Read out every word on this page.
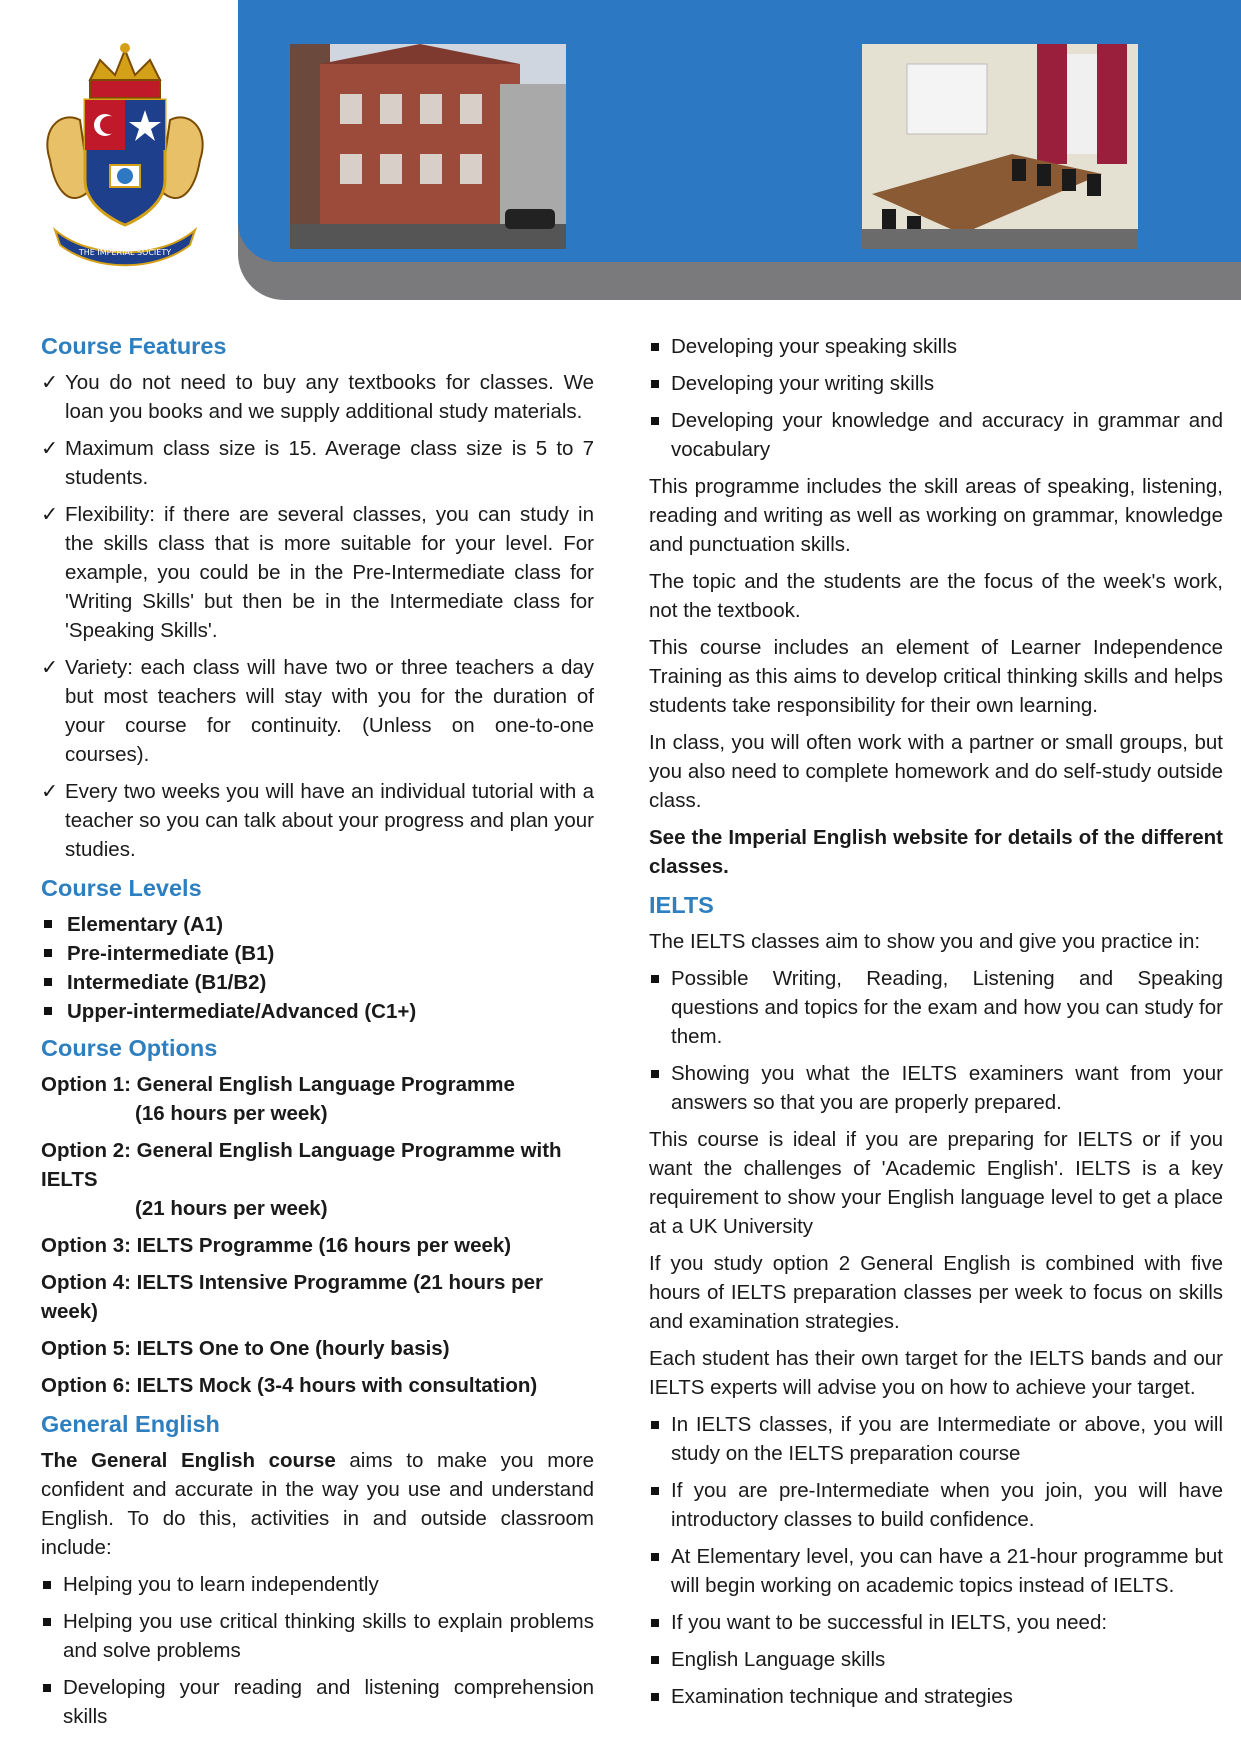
THE IMPERIAL SOCIETY
Course Features
✓ You do not need to buy any textbooks for classes. We loan you books and we supply additional study materials.
✓ Maximum class size is 15. Average class size is 5 to 7 students.
✓ Flexibility: if there are several classes, you can study in the skills class that is more suitable for your level. For example, you could be in the Pre-Intermediate class for 'Writing Skills' but then be in the Intermediate class for 'Speaking Skills'.
✓ Variety: each class will have two or three teachers a day but most teachers will stay with you for the duration of your course for continuity. (Unless on one-to-one courses).
✓ Every two weeks you will have an individual tutorial with a teacher so you can talk about your progress and plan your studies.
Course Levels
Elementary (A1)
Pre-intermediate (B1)
Intermediate (B1/B2)
Upper-intermediate/Advanced (C1+)
Course Options
Option 1: General English Language Programme
(16 hours per week)
Option 2: General English Language Programme with IELTS
(21 hours per week)
Option 3: IELTS Programme (16 hours per week)
Option 4: IELTS Intensive Programme (21 hours per week)
Option 5: IELTS One to One (hourly basis)
Option 6: IELTS Mock (3-4 hours with consultation)
General English

The General English course aims to make you more confident and accurate in the way you use and understand English. To do this, activities in and outside classroom include:

Helping you to learn independently
Helping you use critical thinking skills to explain problems and solve problems
Developing your reading and listening comprehension skills
Developing your speaking skills
Developing your writing skills
Developing your knowledge and accuracy in grammar and vocabulary

This programme includes the skill areas of speaking, listening, reading and writing as well as working on grammar, knowledge and punctuation skills.

The topic and the students are the focus of the week's work, not the textbook.

This course includes an element of Learner Independence Training as this aims to develop critical thinking skills and helps students take responsibility for their own learning.

In class, you will often work with a partner or small groups, but you also need to complete homework and do self-study outside class.

See the Imperial English website for details of the different classes.

IELTS

The IELTS classes aim to show you and give you practice in:

Possible Writing, Reading, Listening and Speaking questions and topics for the exam and how you can study for them.
Showing you what the IELTS examiners want from your answers so that you are properly prepared.

This course is ideal if you are preparing for IELTS or if you want the challenges of 'Academic English'. IELTS is a key requirement to show your English language level to get a place at a UK University

If you study option 2 General English is combined with five hours of IELTS preparation classes per week to focus on skills and examination strategies.

Each student has their own target for the IELTS bands and our IELTS experts will advise you on how to achieve your target.

In IELTS classes, if you are Intermediate or above, you will study on the IELTS preparation course
If you are pre-Intermediate when you join, you will have introductory classes to build confidence.
At Elementary level, you can have a 21-hour programme but will begin working on academic topics instead of IELTS.
If you want to be successful in IELTS, you need:
English Language skills
Examination technique and strategies
